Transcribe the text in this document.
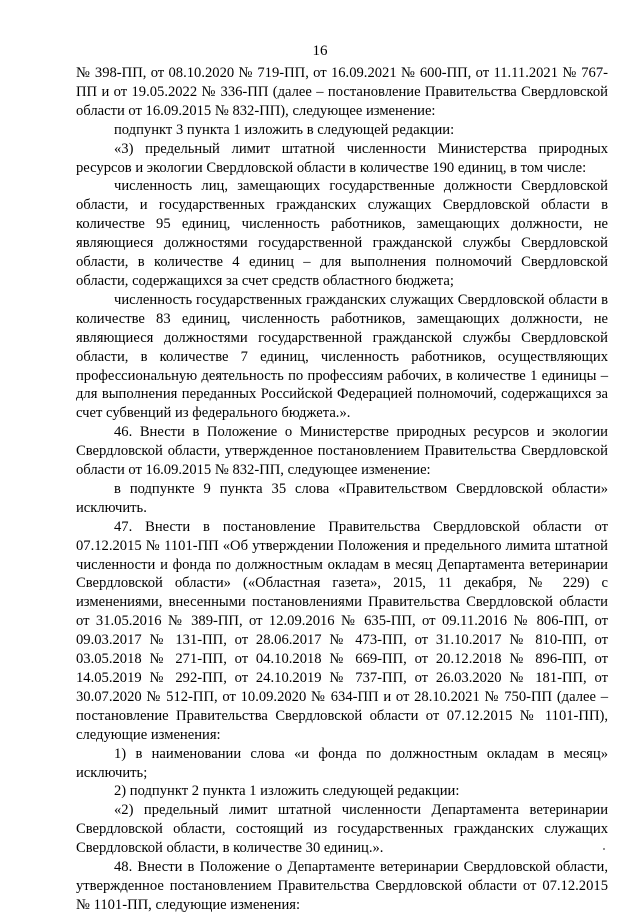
16

№ 398-ПП, от 08.10.2020 № 719-ПП, от 16.09.2021 № 600-ПП, от 11.11.2021 № 767-ПП и от 19.05.2022 № 336-ПП (далее – постановление Правительства Свердловской области от 16.09.2015 № 832-ПП), следующее изменение:

подпункт 3 пункта 1 изложить в следующей редакции:

«3) предельный лимит штатной численности Министерства природных ресурсов и экологии Свердловской области в количестве 190 единиц, в том числе:

численность лиц, замещающих государственные должности Свердловской области, и государственных гражданских служащих Свердловской области в количестве 95 единиц, численность работников, замещающих должности, не являющиеся должностями государственной гражданской службы Свердловской области, в количестве 4 единиц – для выполнения полномочий Свердловской области, содержащихся за счет средств областного бюджета;

численность государственных гражданских служащих Свердловской области в количестве 83 единиц, численность работников, замещающих должности, не являющиеся должностями государственной гражданской службы Свердловской области, в количестве 7 единиц, численность работников, осуществляющих профессиональную деятельность по профессиям рабочих, в количестве 1 единицы – для выполнения переданных Российской Федерацией полномочий, содержащихся за счет субвенций из федерального бюджета.».

46. Внести в Положение о Министерстве природных ресурсов и экологии Свердловской области, утвержденное постановлением Правительства Свердловской области от 16.09.2015 № 832-ПП, следующее изменение:

в подпункте 9 пункта 35 слова «Правительством Свердловской области» исключить.

47. Внести в постановление Правительства Свердловской области от 07.12.2015 № 1101-ПП «Об утверждении Положения и предельного лимита штатной численности и фонда по должностным окладам в месяц Департамента ветеринарии Свердловской области» («Областная газета», 2015, 11 декабря, № 229) с изменениями, внесенными постановлениями Правительства Свердловской области от 31.05.2016 № 389-ПП, от 12.09.2016 № 635-ПП, от 09.11.2016 № 806-ПП, от 09.03.2017 № 131-ПП, от 28.06.2017 № 473-ПП, от 31.10.2017 № 810-ПП, от 03.05.2018 № 271-ПП, от 04.10.2018 № 669-ПП, от 20.12.2018 № 896-ПП, от 14.05.2019 № 292-ПП, от 24.10.2019 № 737-ПП, от 26.03.2020 № 181-ПП, от 30.07.2020 № 512-ПП, от 10.09.2020 № 634-ПП и от 28.10.2021 № 750-ПП (далее – постановление Правительства Свердловской области от 07.12.2015 № 1101-ПП), следующие изменения:

1) в наименовании слова «и фонда по должностным окладам в месяц» исключить;

2) подпункт 2 пункта 1 изложить следующей редакции:

«2) предельный лимит штатной численности Департамента ветеринарии Свердловской области, состоящий из государственных гражданских служащих Свердловской области, в количестве 30 единиц.».

48. Внести в Положение о Департаменте ветеринарии Свердловской области, утвержденное постановлением Правительства Свердловской области от 07.12.2015 № 1101-ПП, следующие изменения:
